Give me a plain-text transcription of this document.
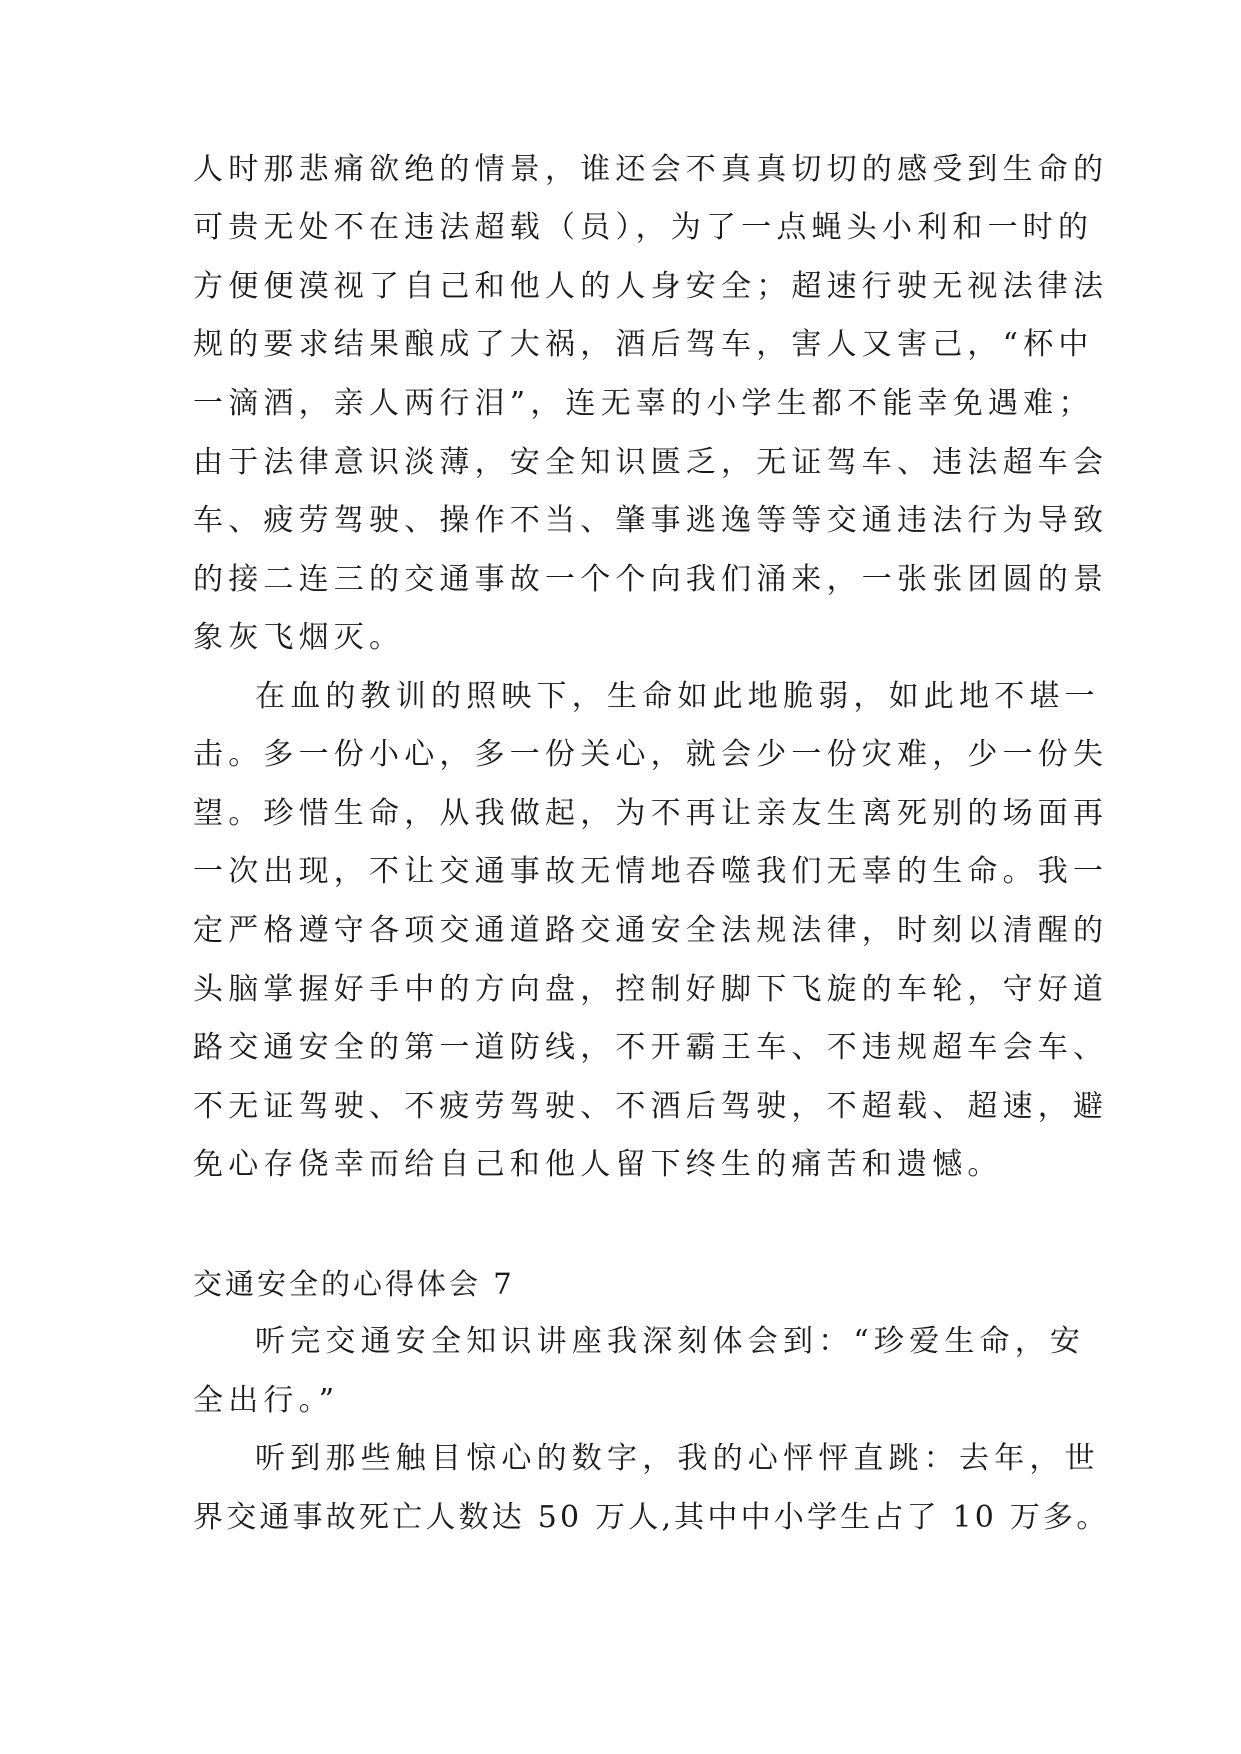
人时那悲痛欲绝的情景，谁还会不真真切切的感受到生命的
可贵无处不在违法超载（员），为了一点蝇头小利和一时的
方便便漠视了自己和他人的人身安全；超速行驶无视法律法
规的要求结果酿成了大祸，酒后驾车，害人又害己，“杯中
一滴酒，亲人两行泪”，连无辜的小学生都不能幸免遇难；
由于法律意识淡薄，安全知识匮乏，无证驾车、违法超车会
车、疲劳驾驶、操作不当、肇事逃逸等等交通违法行为导致
的接二连三的交通事故一个个向我们涌来，一张张团圆的景
象灰飞烟灭。
在血的教训的照映下，生命如此地脆弱，如此地不堪一
击。多一份小心，多一份关心，就会少一份灾难，少一份失
望。珍惜生命，从我做起，为不再让亲友生离死别的场面再
一次出现，不让交通事故无情地吞噬我们无辜的生命。我一
定严格遵守各项交通道路交通安全法规法律，时刻以清醒的
头脑掌握好手中的方向盘，控制好脚下飞旋的车轮，守好道
路交通安全的第一道防线，不开霸王车、不违规超车会车、
不无证驾驶、不疲劳驾驶、不酒后驾驶，不超载、超速，避
免心存侥幸而给自己和他人留下终生的痛苦和遗憾。
交通安全的心得体会 7
听完交通安全知识讲座我深刻体会到：“珍爱生命，安
全出行。”
听到那些触目惊心的数字，我的心怦怦直跳：去年，世
界交通事故死亡人数达 50 万人,其中中小学生占了 10 万多。
